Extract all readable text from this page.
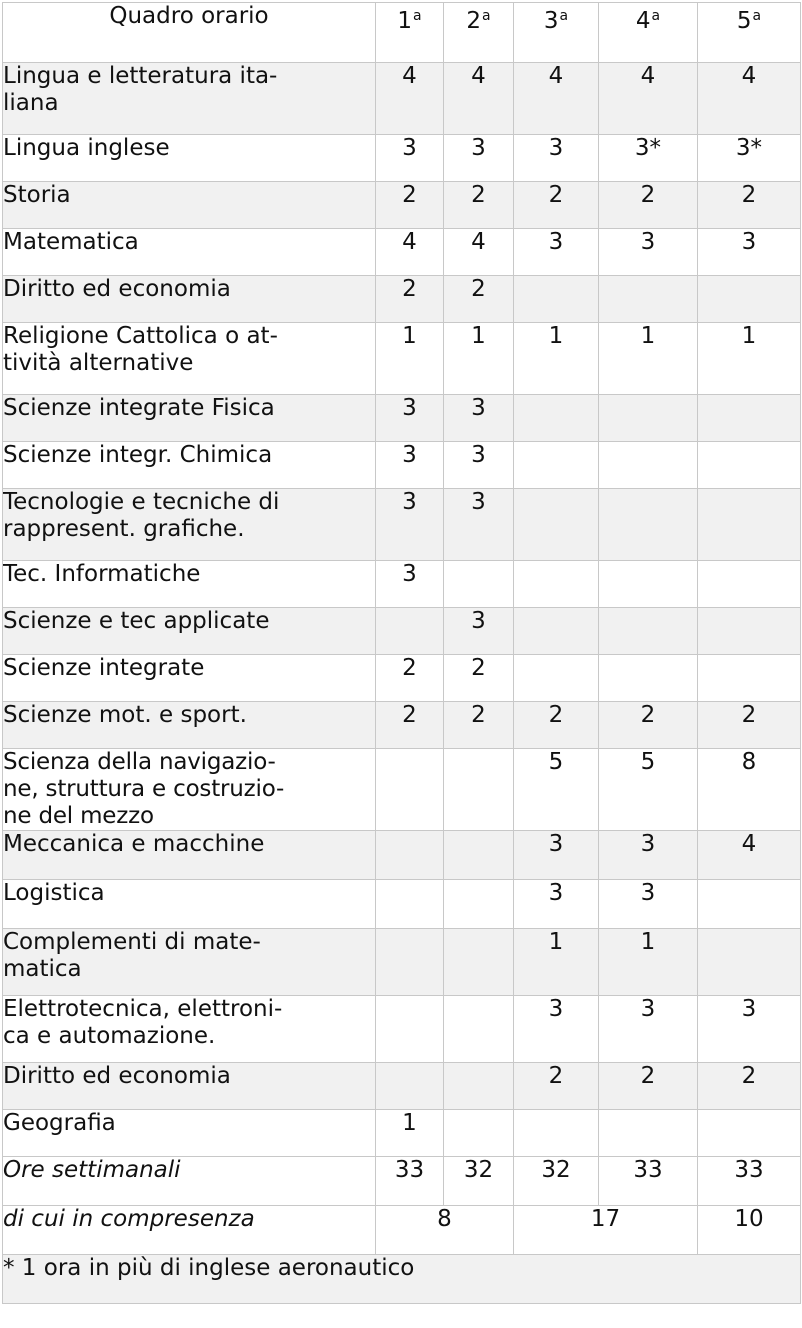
Quadro orario	1$^a$	2$^a$	3$^a$	4$^a$	5$^a$
Lingua e letteratura ita-
liana	4	4	4	4	4
Lingua inglese	3	3	3	3*	3*
Storia	2	2	2	2	2
Matematica	4	4	3	3	3
Diritto ed economia	2	2			
Religione Cattolica o at-
tività alternative	1	1	1	1	1
Scienze integrate Fisica	3	3			
Scienze integr. Chimica	3	3			
Tecnologie e tecniche di
rappresent. grafiche.	3	3			
Tec. Informatiche	3				
Scienze e tec applicate		3			
Scienze integrate	2	2			
Scienze mot. e sport.	2	2	2	2	2
Scienza della navigazio-
ne, struttura e costruzio-
ne del mezzo			5	5	8
Meccanica e macchine			3	3	4
Logistica			3	3	
Complementi di mate-
matica			1	1	
Elettrotecnica, elettroni-
ca e automazione.			3	3	3
Diritto ed economia			2	2	2
Geografia	1				
Ore settimanali	33	32	32	33	33
di cui in compresenza	8		17		10
* 1 ora in più di inglese aeronautico					
